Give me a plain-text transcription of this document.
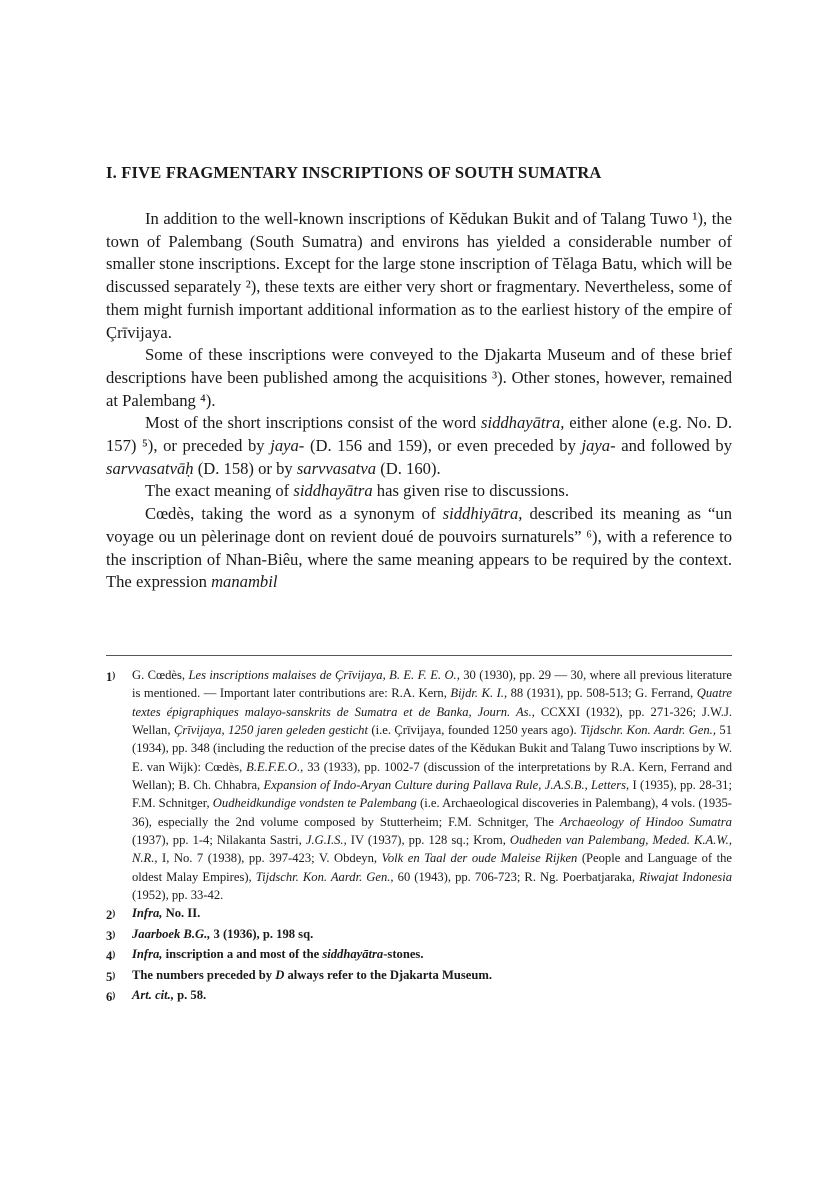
I. FIVE FRAGMENTARY INSCRIPTIONS OF SOUTH SUMATRA

In addition to the well-known inscriptions of Kĕdukan Bukit and of Talang Tuwo ¹), the town of Palembang (South Sumatra) and environs has yielded a considerable number of smaller stone inscriptions. Except for the large stone inscription of Tĕlaga Batu, which will be discussed separately ²), these texts are either very short or fragmentary. Nevertheless, some of them might furnish important additional information as to the earliest history of the empire of Çrīvijaya.

Some of these inscriptions were conveyed to the Djakarta Museum and of these brief descriptions have been published among the acquisitions ³). Other stones, however, remained at Palembang ⁴).

Most of the short inscriptions consist of the word siddhayātra, either alone (e.g. No. D. 157) ⁵), or preceded by jaya- (D. 156 and 159), or even preceded by jaya- and followed by sarvvasatvāḥ (D. 158) or by sarvvasatva (D. 160).

The exact meaning of siddhayātra has given rise to discussions.

Cœdès, taking the word as a synonym of siddhiyātra, described its meaning as “un voyage ou un pèlerinage dont on revient doué de pouvoirs surnaturels” ⁶), with a reference to the inscription of Nhan-Biêu, where the same meaning appears to be required by the context. The expression manambil

1)	G. Cœdès, Les inscriptions malaises de Çrīvijaya, B. E. F. E. O., 30 (1930), pp. 29 — 30, where all previous literature is mentioned. — Important later contributions are: R.A. Kern, Bijdr. K. I., 88 (1931), pp. 508-513; G. Ferrand, Quatre textes épigraphiques malayo-sanskrits de Sumatra et de Banka, Journ. As., CCXXI (1932), pp. 271-326; J.W.J. Wellan, Çrīvijaya, 1250 jaren geleden gesticht (i.e. Çrīvijaya, founded 1250 years ago). Tijdschr. Kon. Aardr. Gen., 51 (1934), pp. 348 (including the reduction of the precise dates of the Kĕdukan Bukit and Talang Tuwo inscriptions by W. E. van Wijk): Cœdès, B.E.F.E.O., 33 (1933), pp. 1002-7 (discussion of the interpretations by R.A. Kern, Ferrand and Wellan); B. Ch. Chhabra, Expansion of Indo-Aryan Culture during Pallava Rule, J.A.S.B., Letters, I (1935), pp. 28-31; F.M. Schnitger, Oudheidkundige vondsten te Palembang (i.e. Archaeological discoveries in Palembang), 4 vols. (1935-36), especially the 2nd volume composed by Stutterheim; F.M. Schnitger, The Archaeology of Hindoo Sumatra (1937), pp. 1-4; Nilakanta Sastri, J.G.I.S., IV (1937), pp. 128 sq.; Krom, Oudheden van Palembang, Meded. K.A.W., N.R., I, No. 7 (1938), pp. 397-423; V. Obdeyn, Volk en Taal der oude Maleise Rijken (People and Language of the oldest Malay Empires), Tijdschr. Kon. Aardr. Gen., 60 (1943), pp. 706-723; R. Ng. Poerbatjaraka, Riwajat Indonesia (1952), pp. 33-42.
2)	Infra, No. II.
3)	Jaarboek B.G., 3 (1936), p. 198 sq.
4)	Infra, inscription a and most of the siddhayātra-stones.
5)	The numbers preceded by D always refer to the Djakarta Museum.
6)	Art. cit., p. 58.
